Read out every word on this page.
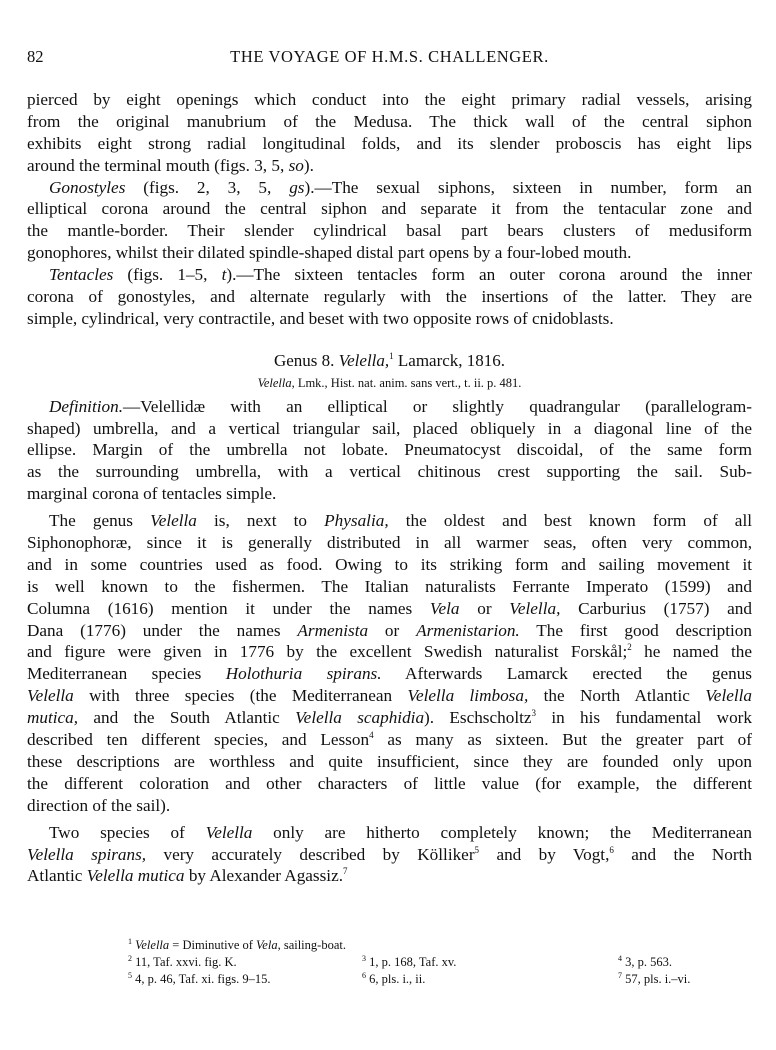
82	THE VOYAGE OF H.M.S. CHALLENGER.
pierced by eight openings which conduct into the eight primary radial vessels, arising
from the original manubrium of the Medusa. The thick wall of the central siphon
exhibits eight strong radial longitudinal folds, and its slender proboscis has eight lips
around the terminal mouth (figs. 3, 5, so).
Gonostyles (figs. 2, 3, 5, gs).—The sexual siphons, sixteen in number, form an
elliptical corona around the central siphon and separate it from the tentacular zone and
the mantle-border. Their slender cylindrical basal part bears clusters of medusiform
gonophores, whilst their dilated spindle-shaped distal part opens by a four-lobed mouth.
Tentacles (figs. 1–5, t).—The sixteen tentacles form an outer corona around the inner
corona of gonostyles, and alternate regularly with the insertions of the latter. They are
simple, cylindrical, very contractile, and beset with two opposite rows of cnidoblasts.
Genus 8. Velella,$^1$ Lamarck, 1816.
Velella, Lmk., Hist. nat. anim. sans vert., t. ii. p. 481.
Definition.—Velellidæ with an elliptical or slightly quadrangular (parallelogram-
shaped) umbrella, and a vertical triangular sail, placed obliquely in a diagonal line of the
ellipse. Margin of the umbrella not lobate. Pneumatocyst discoidal, of the same form
as the surrounding umbrella, with a vertical chitinous crest supporting the sail. Sub-
marginal corona of tentacles simple.
The genus Velella is, next to Physalia, the oldest and best known form of all
Siphonophoræ, since it is generally distributed in all warmer seas, often very common,
and in some countries used as food. Owing to its striking form and sailing movement it
is well known to the fishermen. The Italian naturalists Ferrante Imperato (1599) and
Columna (1616) mention it under the names Vela or Velella, Carburius (1757) and
Dana (1776) under the names Armenista or Armenistarion. The first good description
and figure were given in 1776 by the excellent Swedish naturalist Forskål;$^2$ he named the
Mediterranean species Holothuria spirans. Afterwards Lamarck erected the genus
Velella with three species (the Mediterranean Velella limbosa, the North Atlantic Velella
mutica, and the South Atlantic Velella scaphidia). Eschscholtz$^3$ in his fundamental work
described ten different species, and Lesson$^4$ as many as sixteen. But the greater part of
these descriptions are worthless and quite insufficient, since they are founded only upon
the different coloration and other characters of little value (for example, the different
direction of the sail).
Two species of Velella only are hitherto completely known; the Mediterranean
Velella spirans, very accurately described by Kölliker$^5$ and by Vogt,$^6$ and the North
Atlantic Velella mutica by Alexander Agassiz.$^7$
$^1$ Velella = Diminutive of Vela, sailing-boat.
$^2$ 11, Taf. xxvi. fig. K.	$^3$ 1, p. 168, Taf. xv.	$^4$ 3, p. 563.
$^5$ 4, p. 46, Taf. xi. figs. 9–15.	$^6$ 6, pls. i., ii.	$^7$ 57, pls. i.–vi.
